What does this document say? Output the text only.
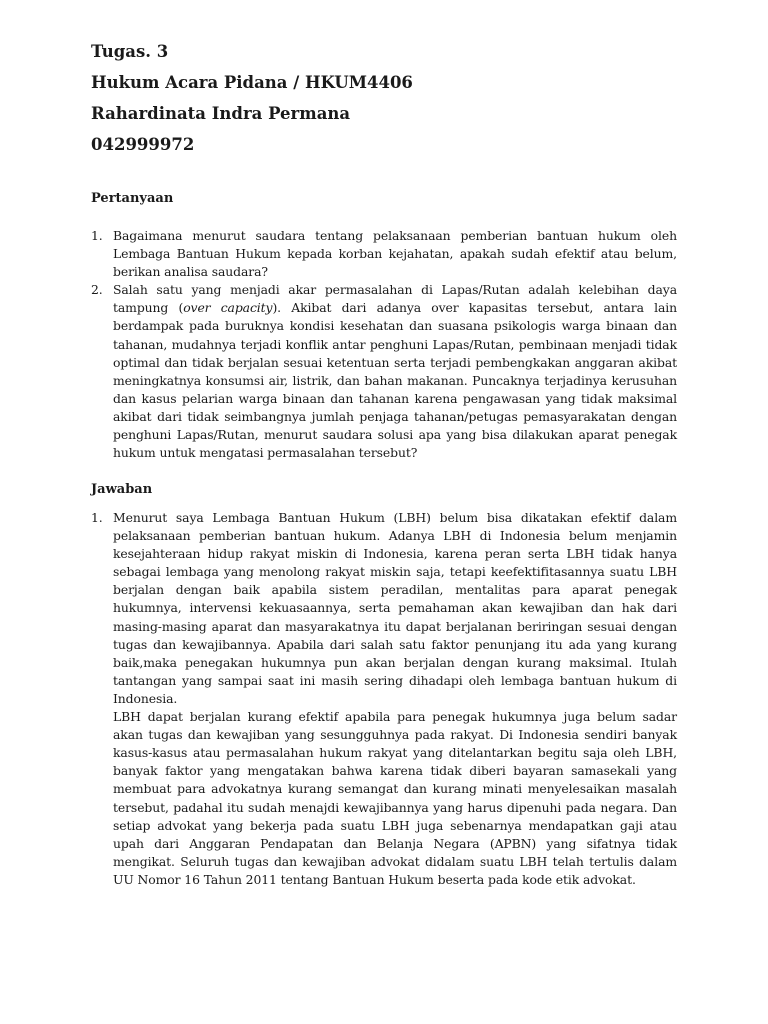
Tugas. 3
Hukum Acara Pidana / HKUM4406
Rahardinata Indra Permana
042999972
Pertanyaan
1. Bagaimana menurut saudara tentang pelaksanaan pemberian bantuan hukum oleh Lembaga Bantuan Hukum kepada korban kejahatan, apakah sudah efektif atau belum, berikan analisa saudara?

2. Salah satu yang menjadi akar permasalahan di Lapas/Rutan adalah kelebihan daya tampung (over capacity). Akibat dari adanya over kapasitas tersebut, antara lain berdampak pada buruknya kondisi kesehatan dan suasana psikologis warga binaan dan tahanan, mudahnya terjadi konflik antar penghuni Lapas/Rutan, pembinaan menjadi tidak optimal dan tidak berjalan sesuai ketentuan serta terjadi pembengkakan anggaran akibat meningkatnya konsumsi air, listrik, dan bahan makanan. Puncaknya terjadinya kerusuhan dan kasus pelarian warga binaan dan tahanan karena pengawasan yang tidak maksimal akibat dari tidak seimbangnya jumlah penjaga tahanan/petugas pemasyarakatan dengan penghuni Lapas/Rutan, menurut saudara solusi apa yang bisa dilakukan aparat penegak hukum untuk mengatasi permasalahan tersebut?

Jawaban
1. Menurut saya Lembaga Bantuan Hukum (LBH) belum bisa dikatakan efektif dalam pelaksanaan pemberian bantuan hukum. Adanya LBH di Indonesia belum menjamin kesejahteraan hidup rakyat miskin di Indonesia, karena peran serta LBH tidak hanya sebagai lembaga yang menolong rakyat miskin saja, tetapi keefektifitasannya suatu LBH berjalan dengan baik apabila sistem peradilan, mentalitas para aparat penegak hukumnya, intervensi kekuasaannya, serta pemahaman akan kewajiban dan hak dari masing-masing aparat dan masyarakatnya itu dapat berjalanan beriringan sesuai dengan tugas dan kewajibannya. Apabila dari salah satu faktor penunjang itu ada yang kurang baik,maka penegakan hukumnya pun akan berjalan dengan kurang maksimal. Itulah tantangan yang sampai saat ini masih sering dihadapi oleh lembaga bantuan hukum di Indonesia.

LBH dapat berjalan kurang efektif apabila para penegak hukumnya juga belum sadar akan tugas dan kewajiban yang sesungguhnya pada rakyat. Di Indonesia sendiri banyak kasus-kasus atau permasalahan hukum rakyat yang ditelantarkan begitu saja oleh LBH, banyak faktor yang mengatakan bahwa karena tidak diberi bayaran samasekali yang membuat para advokatnya kurang semangat dan kurang minati menyelesaikan masalah tersebut, padahal itu sudah menajdi kewajibannya yang harus dipenuhi pada negara. Dan setiap advokat yang bekerja pada suatu LBH juga sebenarnya mendapatkan gaji atau upah dari Anggaran Pendapatan dan Belanja Negara (APBN) yang sifatnya tidak mengikat. Seluruh tugas dan kewajiban advokat didalam suatu LBH telah tertulis dalam UU Nomor 16 Tahun 2011 tentang Bantuan Hukum beserta pada kode etik advokat.
